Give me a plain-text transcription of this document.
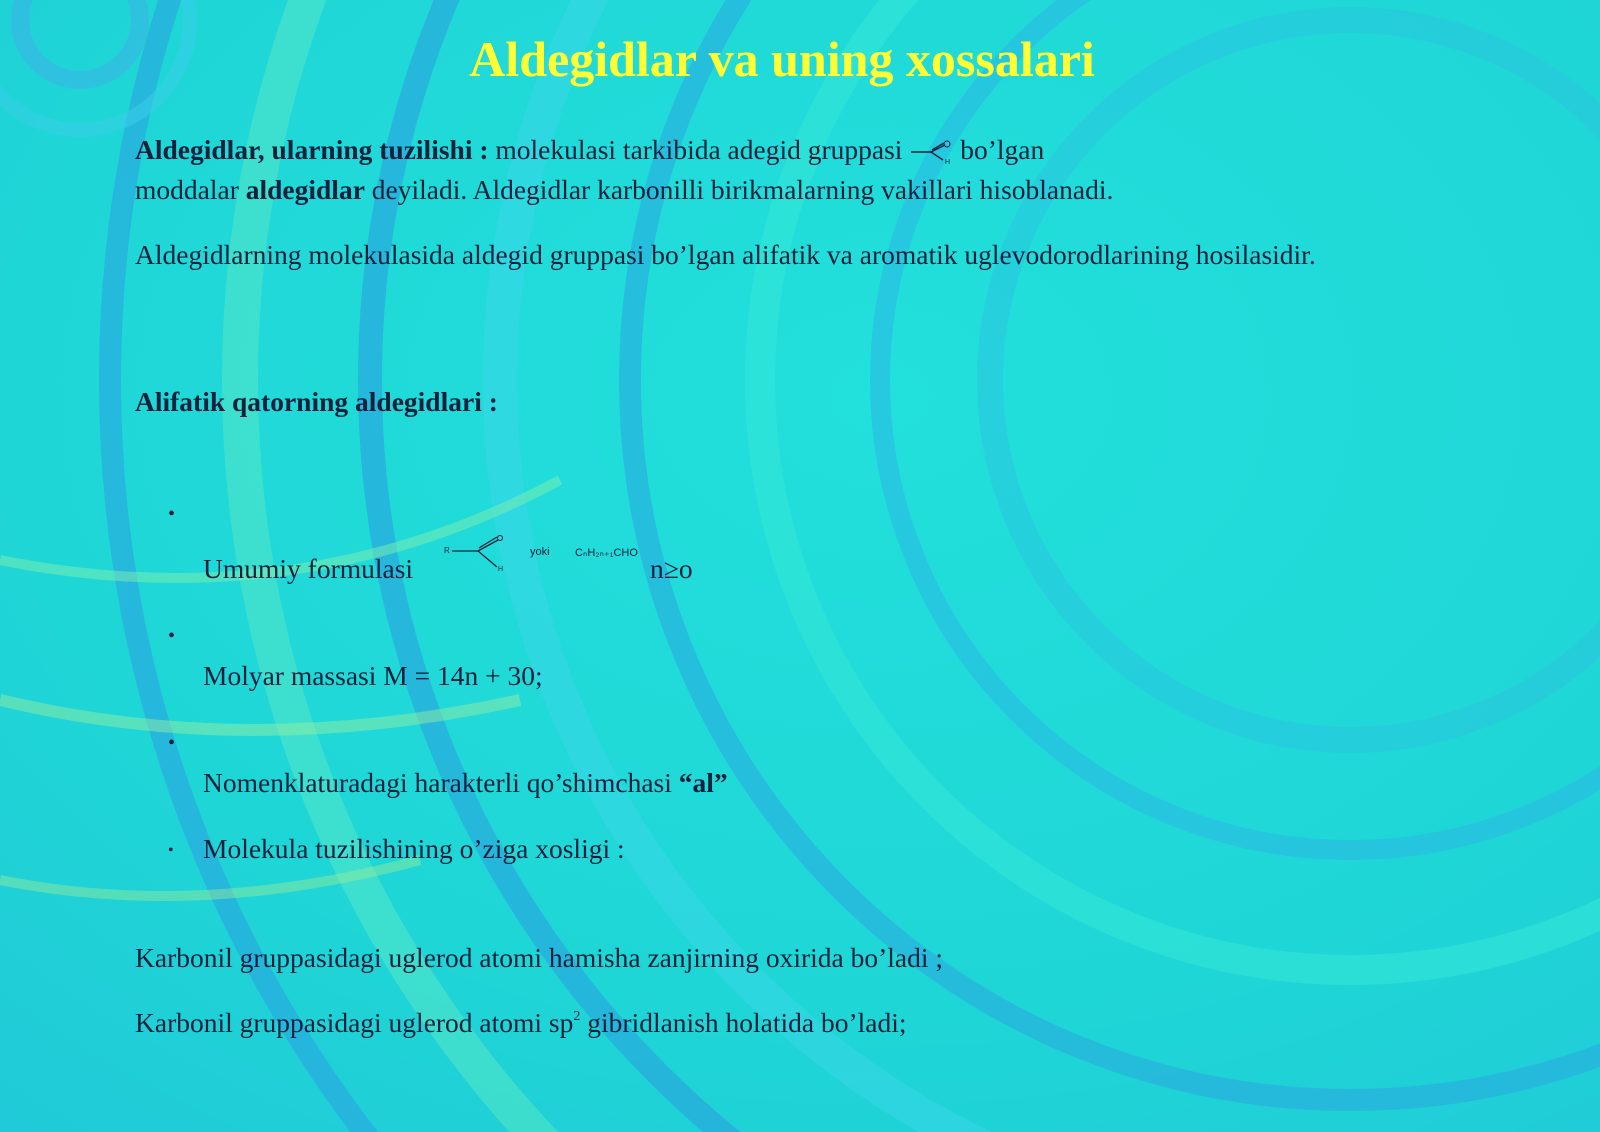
Aldegidlar va uning xossalari

Aldegidlar, ularning tuzilishi : molekulasi tarkibida adegid gruppasi	H bo’lgan

moddalar aldegidlar deyiladi. Aldegidlar karbonilli birikmalarning vakillari hisoblanadi.

Aldegidlarning molekulasida aldegid gruppasi bo’lgan alifatik va aromatik uglevodorodlarining hosilasidir.

Alifatik qatorning aldegidlari :

•
Umumiy formulasi
R
H
yoki CₙH₂ₙ₊₁CHO n≥o
•
Molyar massasi M = 14n + 30;
•
Nomenklaturadagi harakterli qo’shimchasi “al”
• Molekula tuzilishining o’ziga xosligi :

Karbonil gruppasidagi uglerod atomi hamisha zanjirning oxirida bo’ladi ;

Karbonil gruppasidagi uglerod atomi $sp^2$ gibridlanish holatida bo’ladi;
